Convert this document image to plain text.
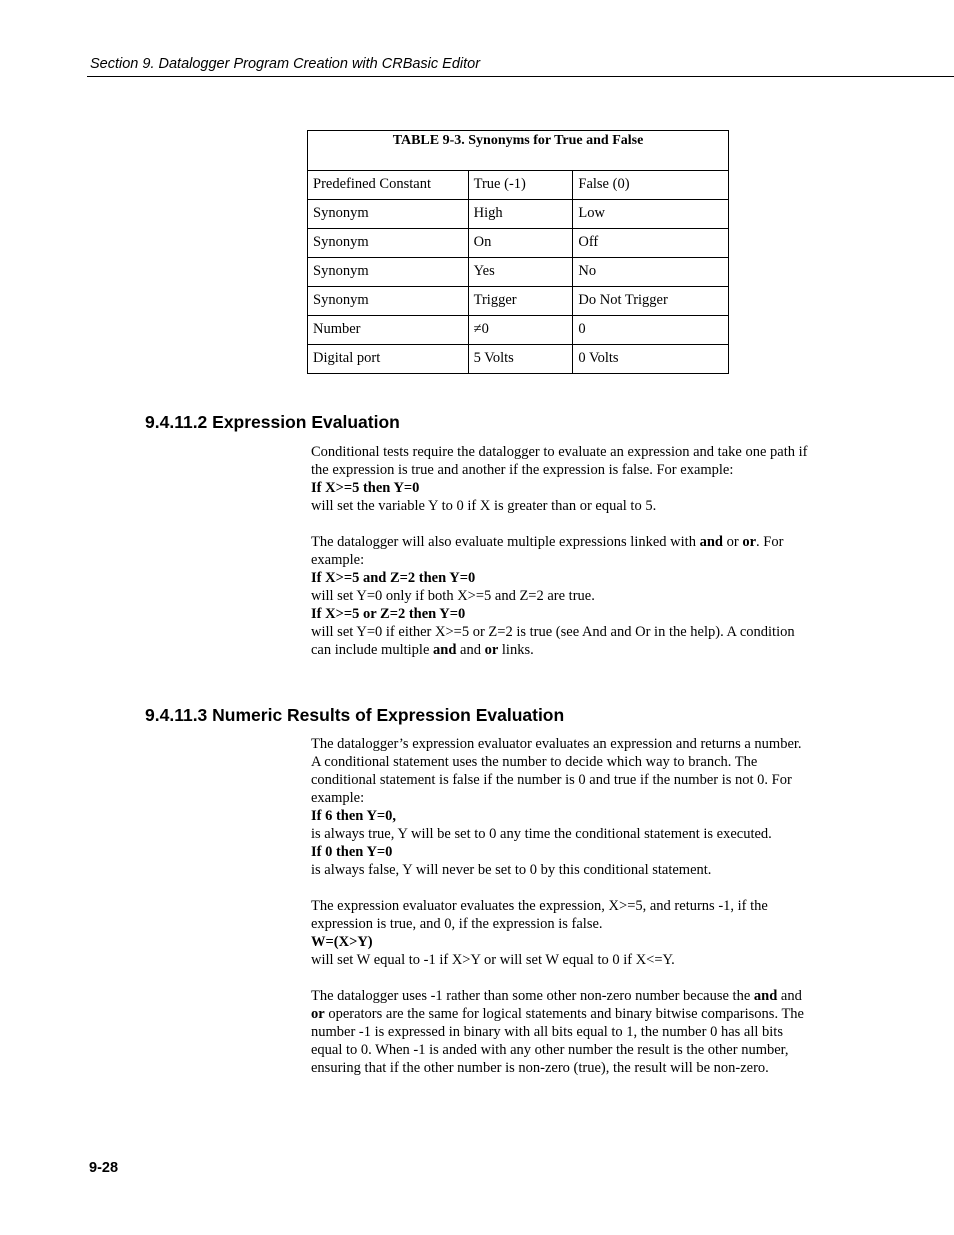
Section 9. Datalogger Program Creation with CRBasic Editor
TABLE 9-3. Synonyms for True and False		
Predefined Constant	True (-1)	False (0)
Synonym	High	Low
Synonym	On	Off
Synonym	Yes	No
Synonym	Trigger	Do Not Trigger
Number	≠0	0
Digital port	5 Volts	0 Volts
9.4.11.2 Expression Evaluation

Conditional tests require the datalogger to evaluate an expression and take one path if the expression is true and another if the expression is false. For example:

If X>=5 then Y=0

will set the variable Y to 0 if X is greater than or equal to 5.

The datalogger will also evaluate multiple expressions linked with and or or. For example:

If X>=5 and Z=2 then Y=0

will set Y=0 only if both X>=5 and Z=2 are true.

If X>=5 or Z=2 then Y=0

will set Y=0 if either X>=5 or Z=2 is true (see And and Or in the help). A condition can include multiple and and or links.

9.4.11.3 Numeric Results of Expression Evaluation

The datalogger’s expression evaluator evaluates an expression and returns a number. A conditional statement uses the number to decide which way to branch. The conditional statement is false if the number is 0 and true if the number is not 0. For example:

If 6 then Y=0,

is always true, Y will be set to 0 any time the conditional statement is executed.

If 0 then Y=0

is always false, Y will never be set to 0 by this conditional statement.

The expression evaluator evaluates the expression, X>=5, and returns -1, if the expression is true, and 0, if the expression is false.

W=(X>Y)

will set W equal to -1 if X>Y or will set W equal to 0 if X<=Y.

The datalogger uses -1 rather than some other non-zero number because the and and or operators are the same for logical statements and binary bitwise comparisons. The number -1 is expressed in binary with all bits equal to 1, the number 0 has all bits equal to 0. When -1 is anded with any other number the result is the other number, ensuring that if the other number is non-zero (true), the result will be non-zero.

9-28
